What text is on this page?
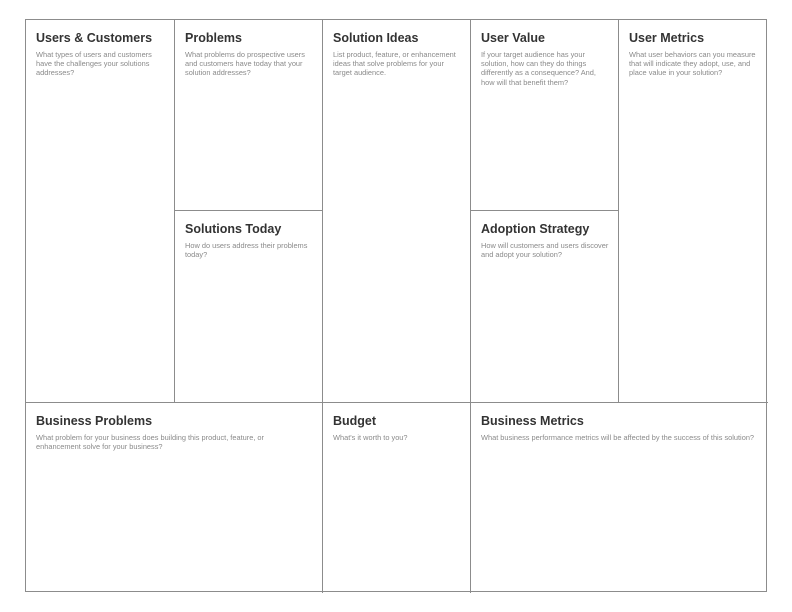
Users & Customers
What types of users and customers have the challenges your solutions addresses?
Problems
What problems do prospective users and customers have today that your solution addresses?
Solution Ideas
List product, feature, or enhancement ideas that solve problems for your target audience.
User Value
If your target audience has your solution, how can they do things differently as a consequence? And, how will that benefit them?
User Metrics
What user behaviors can you measure that will indicate they adopt, use, and place value in your solution?
Solutions Today
How do users address their problems today?
Adoption Strategy
How will customers and users discover and adopt your solution?
Business Problems
What problem for your business does building this product, feature, or enhancement solve for your business?
Budget
What's it worth to you?
Business Metrics
What business performance metrics will be affected by the success of this solution?
